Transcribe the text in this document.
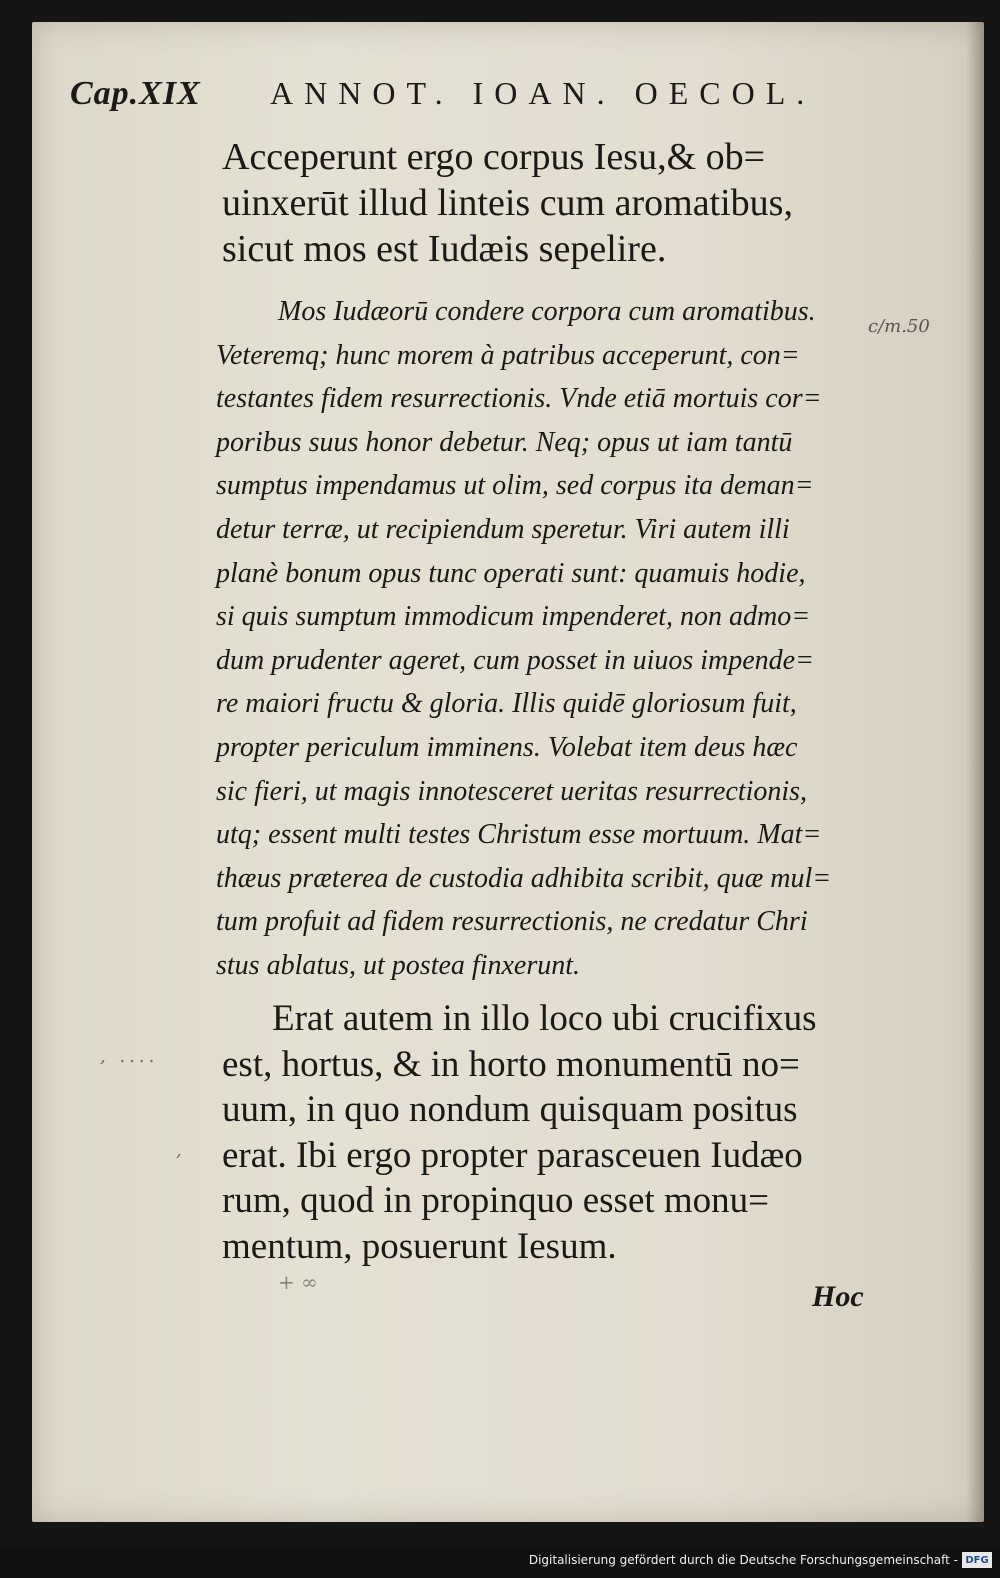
Cap.XIX ANNOT. IOAN. OECOL.

Acceperunt ergo corpus Iesu,& ob=
uinxerūt illud linteis cum aromatibus,
sicut mos est Iudæis sepelire.

Mos Iudæorū condere corpora cum aromatibus.
Veteremq; hunc morem à patribus acceperunt, con=
testantes fidem resurrectionis. Vnde etiā mortuis cor=
poribus suus honor debetur. Neq; opus ut iam tantū
sumptus impendamus ut olim, sed corpus ita deman=
detur terræ, ut recipiendum speretur. Viri autem illi
planè bonum opus tunc operati sunt: quamuis hodie,
si quis sumptum immodicum impenderet, non admo=
dum prudenter ageret, cum posset in uiuos impende=
re maiori fructu & gloria. Illis quidē gloriosum fuit,
propter periculum imminens. Volebat item deus hæc
sic fieri, ut magis innotesceret ueritas resurrectionis,
utq; essent multi testes Christum esse mortuum. Mat=
thæus præterea de custodia adhibita scribit, quæ mul=
tum profuit ad fidem resurrectionis, ne credatur Chri
stus ablatus, ut postea finxerunt.

Erat autem in illo loco ubi crucifixus
est, hortus, & in horto monumentū no=
uum, in quo nondum quisquam positus
erat. Ibi ergo propter parasceuen Iudæo
rum, quod in propinquo esset monu=
mentum, posuerunt Iesum.

c/m.50
, ....
,
+ ∞	Hoc
Digitalisierung gefördert durch die Deutsche Forschungsgemeinschaft - DFG
